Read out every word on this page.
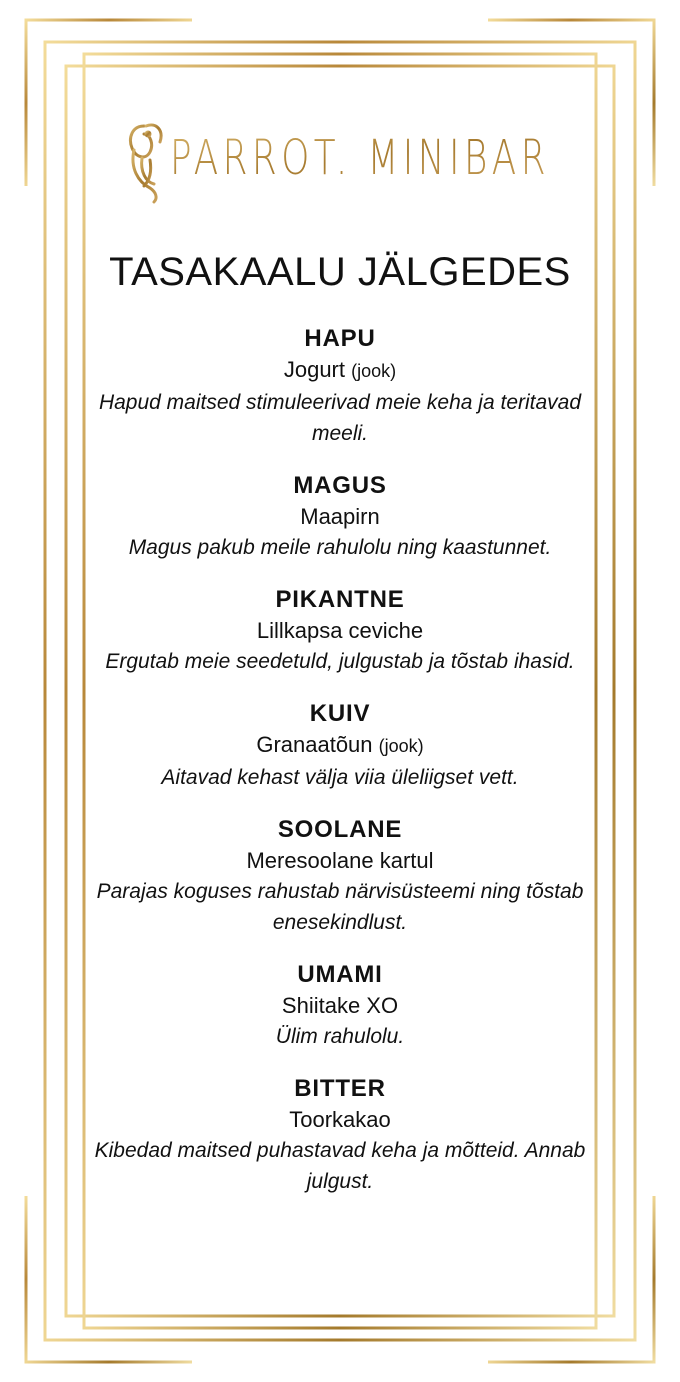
PARROT. MINIBAR
TASAKAALU JÄLGEDES
HAPU
Jogurt (jook)
Hapud maitsed stimuleerivad meie keha ja teritavad meeli.
MAGUS
Maapirn
Magus pakub meile rahulolu ning kaastunnet.
PIKANTNE
Lillkapsa ceviche
Ergutab meie seedetuld, julgustab ja tõstab ihasid.
KUIV
Granaatõun (jook)
Aitavad kehast välja viia üleliigset vett.
SOOLANE
Meresoolane kartul
Parajas koguses rahustab närvisüsteemi ning tõstab enesekindlust.
UMAMI
Shiitake XO
Ülim rahulolu.
BITTER
Toorkakao
Kibedad maitsed puhastavad keha ja mõtteid. Annab julgust.
